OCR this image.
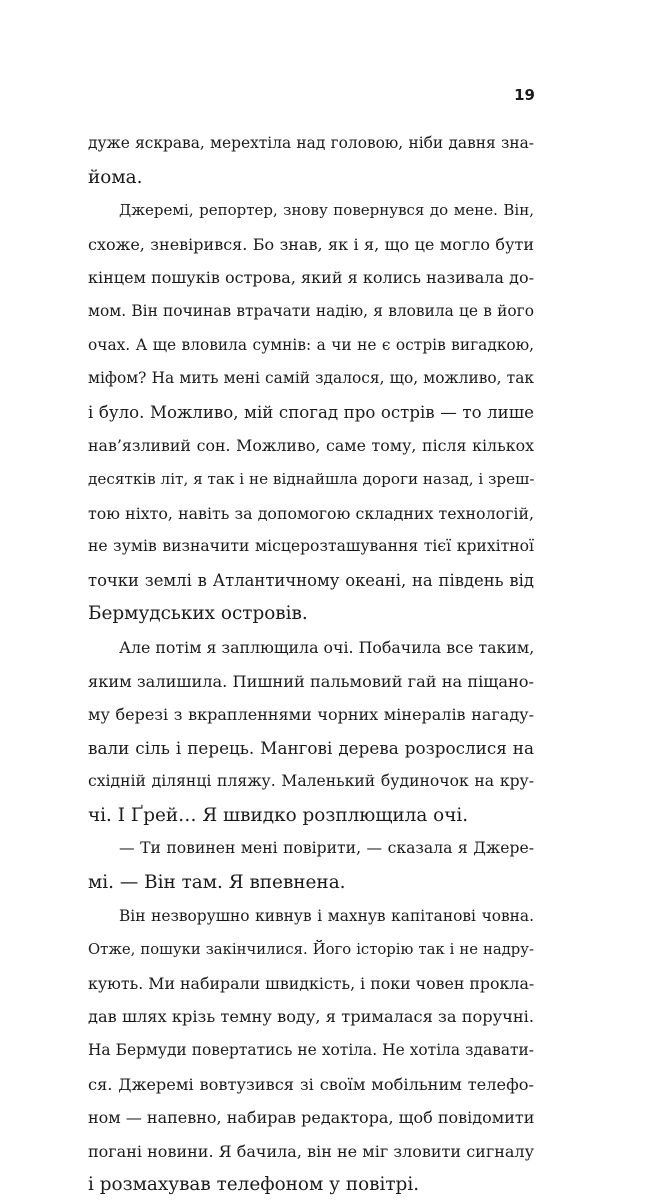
19
дуже яскрава, мерехтіла над головою, ніби давня зна-
йома.
Джеремі, репортер, знову повернувся до мене. Він,
схоже, зневірився. Бо знав, як і я, що це могло бути
кінцем пошуків острова, який я колись називала до-
мом. Він починав втрачати надію, я вловила це в його
очах. А ще вловила сумнів: а чи не є острів вигадкою,
міфом? На мить мені самій здалося, що, можливо, так
і було. Можливо, мій спогад про острів — то лише
нав’язливий сон. Можливо, саме тому, після кількох
десятків літ, я так і не віднайшла дороги назад, і зреш-
тою ніхто, навіть за допомогою складних технологій,
не зумів визначити місцерозташування тієї крихітної
точки землі в Атлантичному океані, на південь від
Бермудських островів.
Але потім я заплющила очі. Побачила все таким,
яким залишила. Пишний пальмовий гай на піщано-
му березі з вкрапленнями чорних мінералів нагаду-
вали сіль і перець. Мангові дерева розрослися на
східній ділянці пляжу. Маленький будиночок на кру-
чі. І Ґрей… Я швидко розплющила очі.
— Ти повинен мені повірити, — сказала я Джере-
мі. — Він там. Я впевнена.
Він незворушно кивнув і махнув капітанові човна.
Отже, пошуки закінчилися. Його історію так і не надру-
кують. Ми набирали швидкість, і поки човен прокла-
дав шлях крізь темну воду, я трималася за поручні.
На Бермуди повертатись не хотіла. Не хотіла здавати-
ся. Джеремі вовтузився зі своїм мобільним телефо-
ном — напевно, набирав редактора, щоб повідомити
погані новини. Я бачила, він не міг зловити сигналу
і розмахував телефоном у повітрі.
